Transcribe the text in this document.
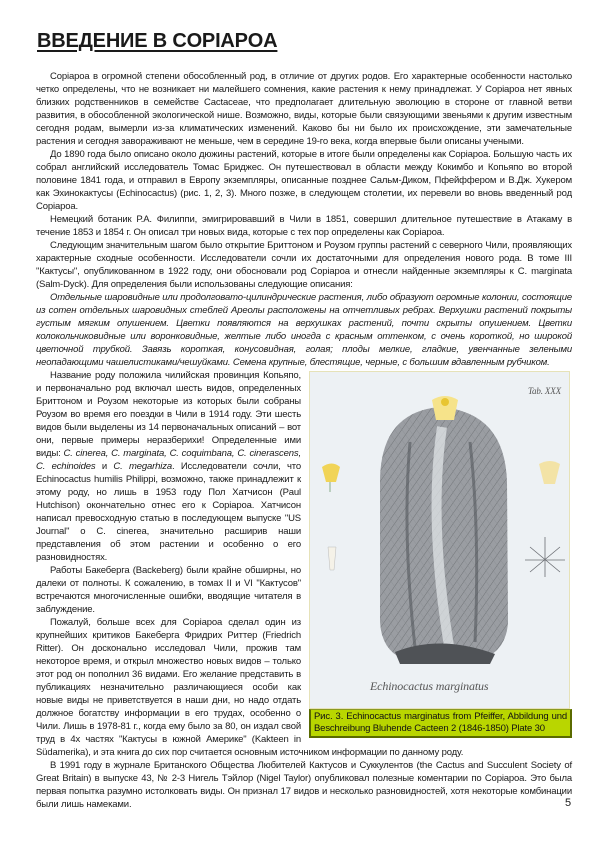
ВВЕДЕНИЕ В COPIAPOA

Copiapoa в огромной степени обособленный род, в отличие от других родов. Его характерные особенности настолько четко определены, что не возникает ни малейшего сомнения, какие растения к нему принадлежат. У Copiapoa нет явных близких родственников в семействе Cactaceae, что предполагает длительную эволюцию в стороне от главной ветви развития, в обособленной экологической нише. Возможно, виды, которые были связующими звеньями к другим известным сегодня родам, вымерли из-за климатических изменений. Каково бы ни было их происхождение, эти замечательные растения и сегодня завораживают не меньше, чем в середине 19-го века, когда впервые были описаны учеными.

До 1890 года было описано около дюжины растений, которые в итоге были определены как Copiapoa. Большую часть их собрал английский исследователь Томас Бриджес. Он путешествовал в области между Кокимбо и Копьяпо во второй половине 1841 года, и отправил в Европу экземпляры, описанные позднее Сальм-Диком, Пфейффером и В.Дж. Хукером как Эхинокактусы (Echinocactus) (рис. 1, 2, 3). Много позже, в следующем столетии, их перевели во вновь введенный род Copiapoa.

Немецкий ботаник Р.А. Филиппи, эмигрировавший в Чили в 1851, совершил длительное путешествие в Атакаму в течение 1853 и 1854 г. Он описал три новых вида, которые с тех пор определены как Copiapoa.

Следующим значительным шагом было открытие Бриттоном и Роузом группы растений с северного Чили, проявляющих характерные сходные особенности. Исследователи сочли их достаточными для определения нового рода. В томе III "Кактусы", опубликованном в 1922 году, они обосновали род Copiapoa и отнесли найденные экземпляры к C. marginata (Salm-Dyck). Для определения были использованы следующие описания:

Отдельные шаровидные или продолговато-цилиндрические растения, либо образуют огромные колонии, состоящие из сотен отдельных шаровидных стеблей Ареолы расположены на отчетливых ребрах. Верхушки растений покрыты густым мягким опушением. Цветки появляются на верхушках растений, почти скрыты опушением. Цветки колокольчиковидные или воронковидные, желтые либо иногда с красным оттенком, с очень короткой, но широкой цветочной трубкой. Завязь короткая, конусовидная, голая; плоды мелкие, гладкие, увенчанные зелеными неопадающими чашелистиками/чешуйками. Семена крупные, блестящие, черные, с большим вдавленным рубчиком.

Tab. XXX
Echinocactus marginatus
Рис. 3. Echinocactus marginatus from Pfeiffer, Abbildung und Beschreibung Bluhende Cacteen 2 (1846-1850) Plate 30

Название роду положила чилийская провинция Копьяпо, и первоначально род включал шесть видов, определенных Бриттоном и Роузом некоторые из которых были собраны Роузом во время его поездки в Чили в 1914 году. Эти шесть видов были выделены из 14 первоначальных описаний – вот они, первые примеры неразберихи! Определенные ими виды: C. cinerea, C. marginata, C. coquimbana, C. cinerascens, C. echinoides и C. megarhiza. Исследователи сочли, что Echinocactus humilis Philippi, возможно, также принадлежит к этому роду, но лишь в 1953 году Пол Хатчисон (Paul Hutchison) окончательно отнес его к Copiapoa. Хатчисон написал превосходную статью в последующем выпуске "US Journal" о C. cinerea, значительно расширив наши представления об этом растении и особенно о его разновидностях.

Работы Бакеберга (Backeberg) были крайне обширны, но далеки от полноты. К сожалению, в томах II и VI "Кактусов" встречаются многочисленные ошибки, вводящие читателя в заблуждение.

Пожалуй, больше всех для Copiapoa сделал один из крупнейших критиков Бакеберга Фридрих Риттер (Friedrich Ritter). Он досконально исследовал Чили, прожив там некоторое время, и открыл множество новых видов – только этот род он пополнил 36 видами. Его желание представить в публикациях незначительно различающиеся особи как новые виды не приветствуется в наши дни, но надо отдать должное богатству информации в его трудах, особенно о Чили. Лишь в 1978-81 г., когда ему было за 80, он издал свой труд в 4х частях "Кактусы в южной Америке" (Kakteen in Südamerika), и эта книга до сих пор считается основным источником информации по данному роду.

В 1991 году в журнале Британского Общества Любителей Кактусов и Суккулентов (the Cactus and Succulent Society of Great Britain) в выпуске 43, № 2-3 Нигель Тэйлор (Nigel Taylor) опубликовал полезные коментарии по Copiapoa. Это была первая попытка разумно истолковать виды. Он признал 17 видов и несколько разновидностей, хотя некоторые комбинации были лишь намеками.	5
